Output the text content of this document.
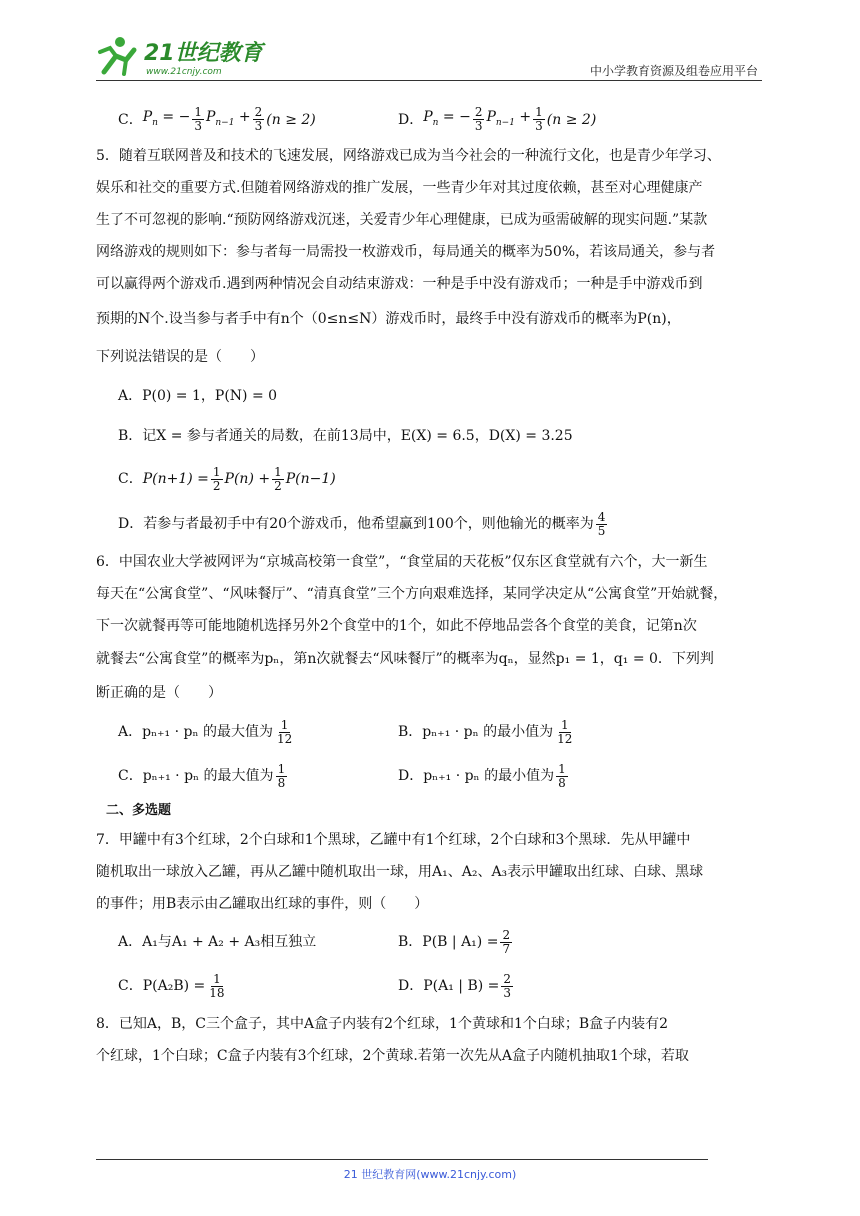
21世纪教育
www.21cnjy.com	中小学教育资源及组卷应用平台
C． $P_n$ = − $\frac{1}{3} P_{n-1} + \frac{2}{3} (n \ge 2)$	D． $P_n$ = − $\frac{2}{3} P_{n-1} + \frac{1}{3} (n \ge 2)$

5．随着互联网普及和技术的飞速发展，网络游戏已成为当今社会的一种流行文化，也是青少年学习、

娱乐和社交的重要方式.但随着网络游戏的推广发展，一些青少年对其过度依赖，甚至对心理健康产

生了不可忽视的影响.“预防网络游戏沉迷，关爱青少年心理健康，已成为亟需破解的现实问题.”某款

网络游戏的规则如下：参与者每一局需投一枚游戏币，每局通关的概率为50%，若该局通关，参与者

可以赢得两个游戏币.遇到两种情况会自动结束游戏：一种是手中没有游戏币；一种是手中游戏币到

预期的N个.设当参与者手中有n个（0≤n≤N）游戏币时，最终手中没有游戏币的概率为P(n)，

下列说法错误的是（　　）

A．P(0) = 1，P(N) = 0
B．记X = 参与者通关的局数，在前13局中，E(X) = 6.5，D(X) = 3.25
C． $P(n+1) = \frac{1}{2} P(n) + \frac{1}{2} P(n-1)$
D．若参与者最初手中有20个游戏币，他希望赢到100个，则他输光的概率为 $\frac{4}{5}$

6．中国农业大学被网评为“京城高校第一食堂”，“食堂届的天花板”仅东区食堂就有六个，大一新生

每天在“公寓食堂”、“风味餐厅”、“清真食堂”三个方向艰难选择，某同学决定从“公寓食堂”开始就餐，

下一次就餐再等可能地随机选择另外2个食堂中的1个，如此不停地品尝各个食堂的美食，记第n次

就餐去“公寓食堂”的概率为pₙ，第n次就餐去“风味餐厅”的概率为qₙ，显然p₁ = 1，q₁ = 0．下列判

断正确的是（　　）

A．pₙ₊₁ · pₙ 的最大值为 $\frac{1}{12}$	B．pₙ₊₁ · pₙ 的最小值为 $\frac{1}{12}$
C．pₙ₊₁ · pₙ 的最大值为 $\frac{1}{8}$	D．pₙ₊₁ · pₙ 的最小值为 $\frac{1}{8}$
二、多选题

7．甲罐中有3个红球，2个白球和1个黑球，乙罐中有1个红球，2个白球和3个黑球．先从甲罐中

随机取出一球放入乙罐，再从乙罐中随机取出一球，用A₁、A₂、A₃表示甲罐取出红球、白球、黑球

的事件；用B表示由乙罐取出红球的事件，则（　　）

A．A₁与A₁ + A₂ + A₃相互独立	B．P(B | $A_1) = \frac{2}{7}$
C．$P(A_2B) = \frac{1}{18}$	D．P(A₁ | $B) = \frac{2}{3}$

8．已知A，B，C三个盒子，其中A盒子内装有2个红球，1个黄球和1个白球；B盒子内装有2

个红球，1个白球；C盒子内装有3个红球，2个黄球.若第一次先从A盒子内随机抽取1个球，若取

21 世纪教育网(www.21cnjy.com)
